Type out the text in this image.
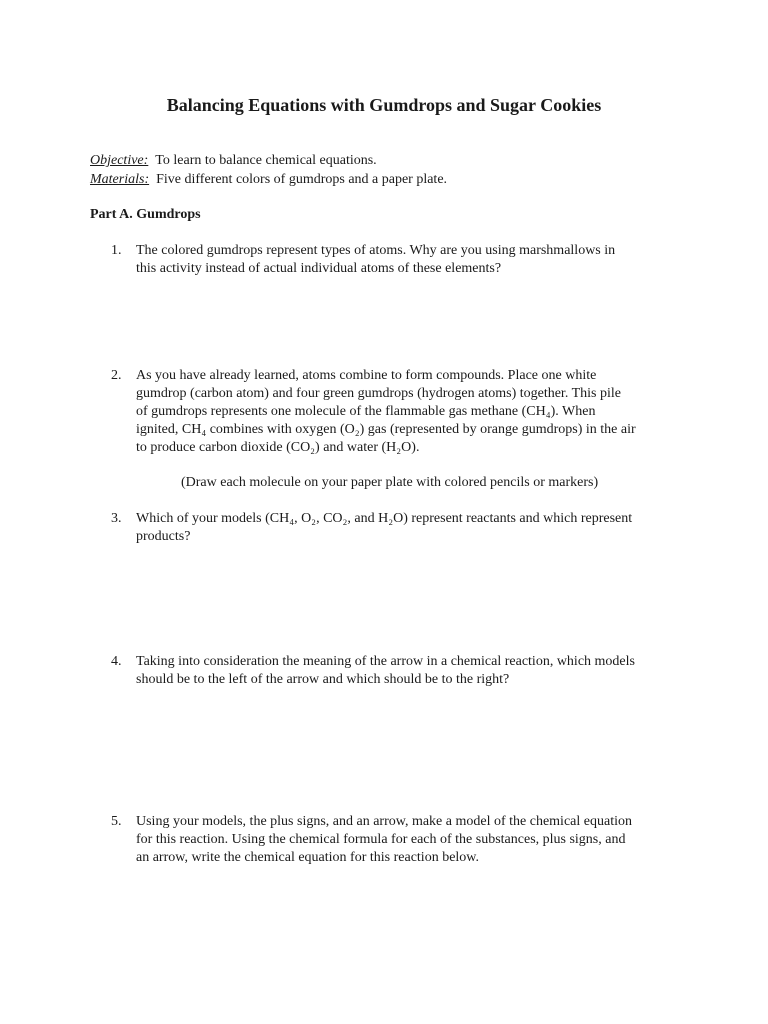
Balancing Equations with Gumdrops and Sugar Cookies
Objective: To learn to balance chemical equations.
Materials: Five different colors of gumdrops and a paper plate.
Part A. Gumdrops
1. The colored gumdrops represent types of atoms. Why are you using marshmallows in
this activity instead of actual individual atoms of these elements?
2. As you have already learned, atoms combine to form compounds. Place one white
gumdrop (carbon atom) and four green gumdrops (hydrogen atoms) together. This pile
of gumdrops represents one molecule of the flammable gas methane (CH₄). When
ignited, CH₄ combines with oxygen (O₂) gas (represented by orange gumdrops) in the air
to produce carbon dioxide (CO₂) and water (H₂O).
(Draw each molecule on your paper plate with colored pencils or markers)
3. Which of your models (CH₄, O₂, CO₂, and H₂O) represent reactants and which represent
products?
4. Taking into consideration the meaning of the arrow in a chemical reaction, which models
should be to the left of the arrow and which should be to the right?
5. Using your models, the plus signs, and an arrow, make a model of the chemical equation
for this reaction. Using the chemical formula for each of the substances, plus signs, and
an arrow, write the chemical equation for this reaction below.
